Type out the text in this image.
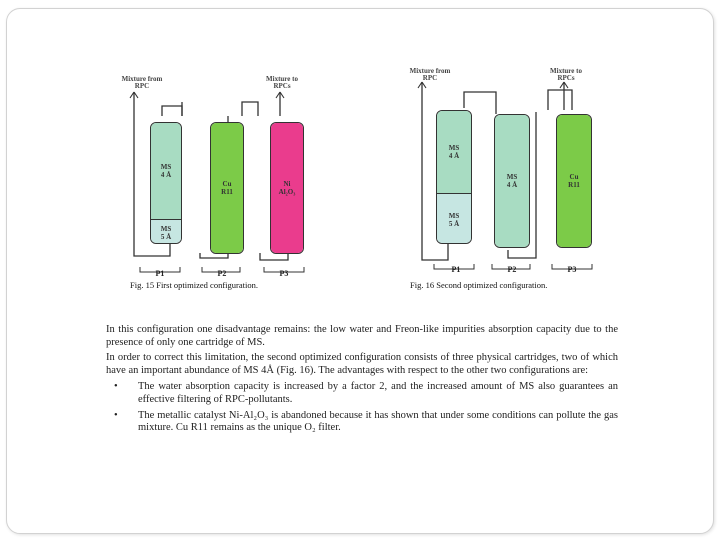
Mixture from RPC
Mixture to RPCs
MS
4 Å
MS
5 Å
Cu
R11
Ni
Al₂O₃
P1	P2	P3
Fig. 15 First optimized configuration.
Mixture from RPC
Mixture to RPCs
MS
4 Å
MS
5 Å
MS
4 Å
Cu
R11
P1	P2	P3
Fig. 16 Second optimized configuration.

In this configuration one disadvantage remains: the low water and Freon-like impurities absorption capacity due to the presence of only one cartridge of MS.

In order to correct this limitation, the second optimized configuration consists of three physical cartridges, two of which have an important abundance of MS 4Å (Fig. 16). The advantages with respect to the other two configurations are:

• The water absorption capacity is increased by a factor 2, and the increased amount of MS also guarantees an effective filtering of RPC-pollutants.
• The metallic catalyst Ni-Al₂O₃ is abandoned because it has shown that under some conditions can pollute the gas mixture. Cu R11 remains as the unique O₂ filter.
